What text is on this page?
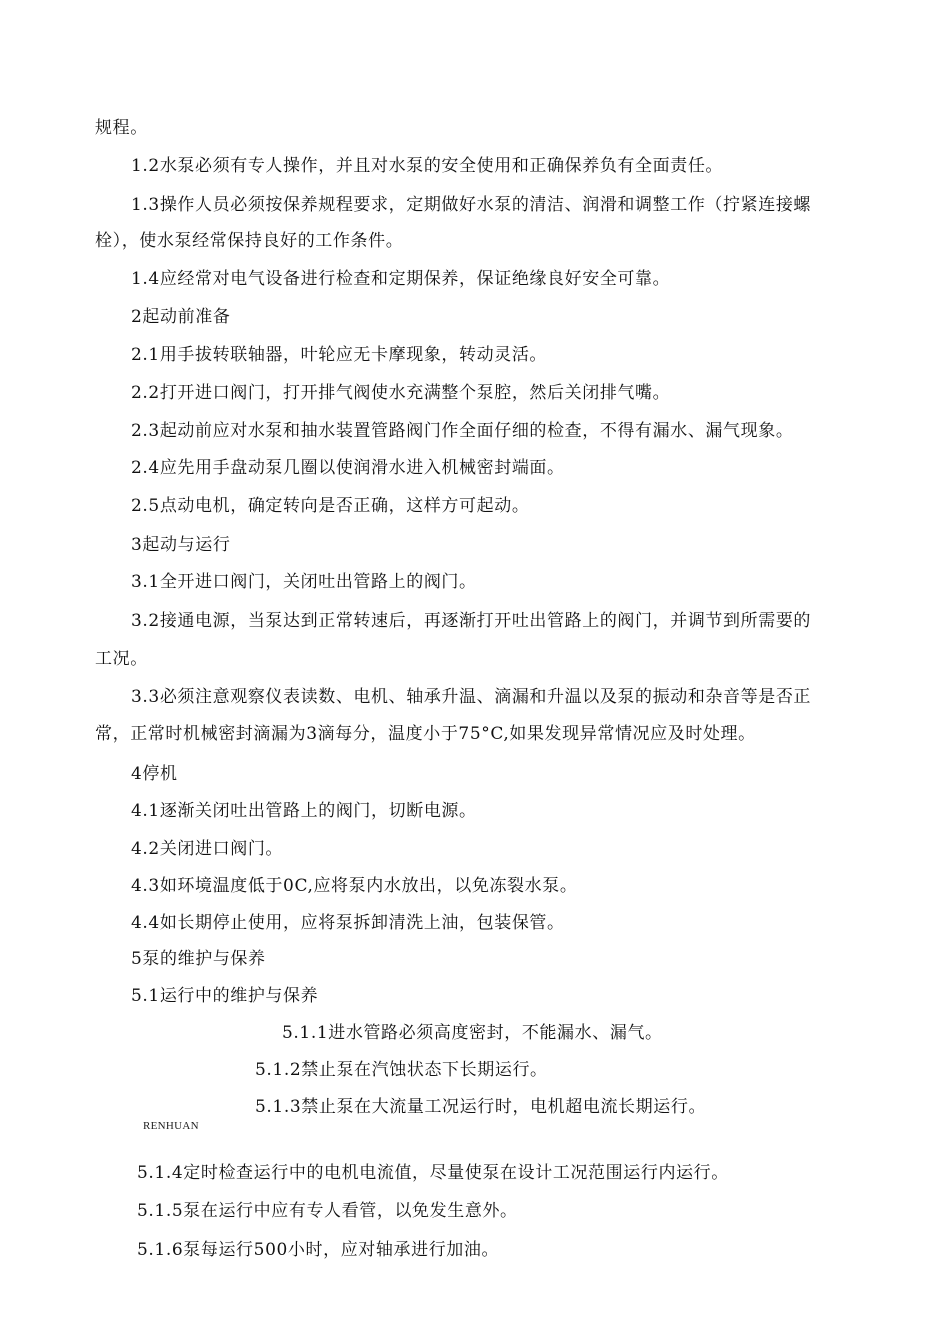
规程。
1.2水泵必须有专人操作，并且对水泵的安全使用和正确保养负有全面责任。
1.3操作人员必须按保养规程要求，定期做好水泵的清洁、润滑和调整工作（拧紧连接螺
栓），使水泵经常保持良好的工作条件。
1.4应经常对电气设备进行检查和定期保养，保证绝缘良好安全可靠。
2起动前准备
2.1用手拔转联轴器，叶轮应无卡摩现象，转动灵活。
2.2打开进口阀门，打开排气阀使水充满整个泵腔，然后关闭排气嘴。
2.3起动前应对水泵和抽水装置管路阀门作全面仔细的检查，不得有漏水、漏气现象。
2.4应先用手盘动泵几圈以使润滑水进入机械密封端面。
2.5点动电机，确定转向是否正确，这样方可起动。
3起动与运行
3.1全开进口阀门，关闭吐出管路上的阀门。
3.2接通电源，当泵达到正常转速后，再逐渐打开吐出管路上的阀门，并调节到所需要的
工况。
3.3必须注意观察仪表读数、电机、轴承升温、滴漏和升温以及泵的振动和杂音等是否正
常，正常时机械密封滴漏为3滴每分，温度小于75°C,如果发现异常情况应及时处理。
4停机
4.1逐渐关闭吐出管路上的阀门，切断电源。
4.2关闭进口阀门。
4.3如环境温度低于0C,应将泵内水放出，以免冻裂水泵。
4.4如长期停止使用，应将泵拆卸清洗上油，包装保管。
5泵的维护与保养
5.1运行中的维护与保养
5.1.1进水管路必须高度密封，不能漏水、漏气。
5.1.2禁止泵在汽蚀状态下长期运行。
5.1.3禁止泵在大流量工况运行时，电机超电流长期运行。
RENHUAN
5.1.4定时检查运行中的电机电流值，尽量使泵在设计工况范围运行内运行。
5.1.5泵在运行中应有专人看管，以免发生意外。
5.1.6泵每运行500小时，应对轴承进行加油。
